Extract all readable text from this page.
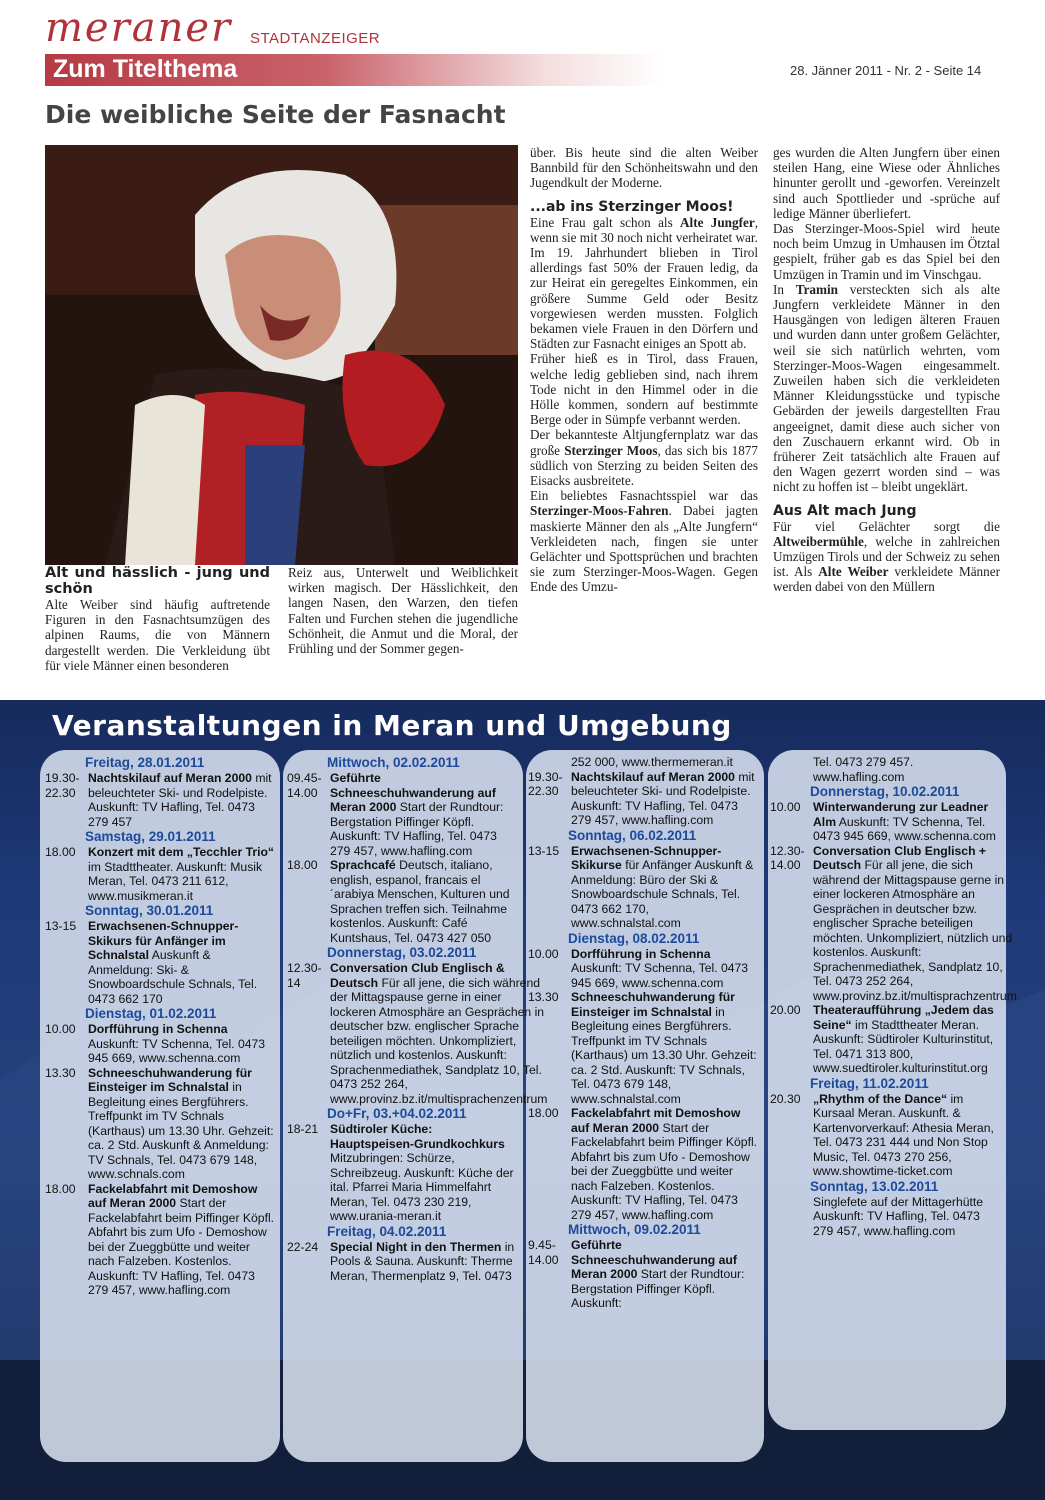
meraner STADTANZEIGER
Zum Titelthema	28. Jänner 2011 - Nr. 2 - Seite 14
Die weibliche Seite der Fasnacht
Alt und hässlich - jung und schön

Alte Weiber sind häufig auftretende Figuren in den Fasnachtsumzügen des alpinen Raums, die von Männern dargestellt werden. Die Verkleidung übt für viele Männer einen besonderen

Reiz aus, Unterwelt und Weiblichkeit wirken magisch. Der Hässlichkeit, den langen Nasen, den Warzen, den tiefen Falten und Furchen stehen die jugendliche Schönheit, die Anmut und die Moral, der Frühling und der Sommer gegen-

über. Bis heute sind die alten Weiber Bannbild für den Schönheitswahn und den Jugendkult der Moderne.

...ab ins Sterzinger Moos!

Eine Frau galt schon als Alte Jungfer, wenn sie mit 30 noch nicht verheiratet war.

Im 19. Jahrhundert blieben in Tirol allerdings fast 50% der Frauen ledig, da zur Heirat ein geregeltes Einkommen, ein größere Summe Geld oder Besitz vorgewiesen werden mussten. Folglich bekamen viele Frauen in den Dörfern und Städten zur Fasnacht einiges an Spott ab.

Früher hieß es in Tirol, dass Frauen, welche ledig geblieben sind, nach ihrem Tode nicht in den Himmel oder in die Hölle kommen, sondern auf bestimmte Berge oder in Sümpfe verbannt werden.

Der bekannteste Altjungfernplatz war das große Sterzinger Moos, das sich bis 1877 südlich von Sterzing zu beiden Seiten des Eisacks ausbreitete.

Ein beliebtes Fasnachtsspiel war das Sterzinger-Moos-Fahren. Dabei jagten maskierte Männer den als „Alte Jungfern“ Verkleideten nach, fingen sie unter Gelächter und Spottsprüchen und brachten sie zum Sterzinger-Moos-Wagen. Gegen Ende des Umzu-

ges wurden die Alten Jungfern über einen steilen Hang, eine Wiese oder Ähnliches hinunter gerollt und -geworfen. Vereinzelt sind auch Spottlieder und -sprüche auf ledige Männer überliefert.

Das Sterzinger-Moos-Spiel wird heute noch beim Umzug in Umhausen im Ötztal gespielt, früher gab es das Spiel bei den Umzügen in Tramin und im Vinschgau.

In Tramin versteckten sich als alte Jungfern verkleidete Männer in den Hausgängen von ledigen älteren Frauen und wurden dann unter großem Gelächter, weil sie sich natürlich wehrten, vom Sterzinger-Moos-Wagen eingesammelt. Zuweilen haben sich die verkleideten Männer Kleidungsstücke und typische Gebärden der jeweils dargestellten Frau angeeignet, damit diese auch sicher von den Zuschauern erkannt wird. Ob in früherer Zeit tatsächlich alte Frauen auf den Wagen gezerrt worden sind – was nicht zu hoffen ist – bleibt ungeklärt.

Aus Alt mach Jung

Für viel Gelächter sorgt die Altweibermühle, welche in zahlreichen Umzügen Tirols und der Schweiz zu sehen ist. Als Alte Weiber verkleidete Männer werden dabei von den Müllern

Veranstaltungen in Meran und Umgebung
Freitag, 28.01.2011
19.30-22.30
Nachtskilauf auf Meran 2000 mit beleuchteter Ski- und Rodelpiste. Auskunft: TV Hafling, Tel. 0473 279 457
Samstag, 29.01.2011
18.00	Konzert mit dem „Tecchler Trio“ im Stadttheater. Auskunft: Musik Meran, Tel. 0473 211 612, www.musikmeran.it
Sonntag, 30.01.2011
13-15 Erwachsenen-Schnupper-Skikurs für Anfänger im Schnalstal Auskunft & Anmeldung: Ski- & Snowboardschule Schnals, Tel. 0473 662 170
Dienstag, 01.02.2011
10.00	Dorfführung in Schenna Auskunft: TV Schenna, Tel. 0473 945 669, www.schenna.com
13.30	Schneeschuhwanderung für Einsteiger im Schnalstal in Begleitung eines Bergführers. Treffpunkt im TV Schnals (Karthaus) um 13.30 Uhr. Gehzeit: ca. 2 Std. Auskunft & Anmeldung: TV Schnals, Tel. 0473 679 148, www.schnals.com
18.00	Fackelabfahrt mit Demoshow auf Meran 2000 Start der Fackelabfahrt beim Piffinger Köpfl. Abfahrt bis zum Ufo - Demoshow bei der Zueggbütte und weiter nach Falzeben. Kostenlos. Auskunft: TV Hafling, Tel. 0473 279 457, www.hafling.com
Mittwoch, 02.02.2011
09.45-14.00
Geführte Schneeschuhwanderung auf Meran 2000 Start der Rundtour: Bergstation Piffinger Köpfl. Auskunft: TV Hafling, Tel. 0473 279 457, www.hafling.com
18.00	Sprachcafé Deutsch, italiano, english, espanol, francais el´arabiya Menschen, Kulturen und Sprachen treffen sich. Teilnahme kostenlos. Auskunft: Café Kuntshaus, Tel. 0473 427 050
Donnerstag, 03.02.2011
12.30-14
Conversation Club Englisch & Deutsch Für all jene, die sich während der Mittagspause gerne in einer lockeren Atmosphäre an Gesprächen in deutscher bzw. englischer Sprache beteiligen möchten. Unkompliziert, nützlich und kostenlos. Auskunft: Sprachenmediathek, Sandplatz 10, Tel. 0473 252 264, www.provinz.bz.it/multisprachenzentrum
Do+Fr, 03.+04.02.2011
18-21 Südtiroler Küche: Hauptspeisen-Grundkochkurs Mitzubringen: Schürze, Schreibzeug. Auskunft: Küche der ital. Pfarrei Maria Himmelfahrt Meran, Tel. 0473 230 219, www.urania-meran.it
Freitag, 04.02.2011
22-24 Special Night in den Thermen in Pools & Sauna. Auskunft: Therme Meran, Thermenplatz 9, Tel. 0473
252 000, www.thermemeran.it
19.30-22.30
Nachtskilauf auf Meran 2000 mit beleuchteter Ski- und Rodelpiste. Auskunft: TV Hafling, Tel. 0473 279 457, www.hafling.com
Sonntag, 06.02.2011
13-15 Erwachsenen-Schnupper-Skikurse für Anfänger Auskunft & Anmeldung: Büro der Ski & Snowboardschule Schnals, Tel. 0473 662 170, www.schnalstal.com
Dienstag, 08.02.2011
10.00	Dorfführung in Schenna Auskunft: TV Schenna, Tel. 0473 945 669, www.schenna.com
13.30	Schneeschuhwanderung für Einsteiger im Schnalstal in Begleitung eines Bergführers. Treffpunkt im TV Schnals (Karthaus) um 13.30 Uhr. Gehzeit: ca. 2 Std. Auskunft: TV Schnals, Tel. 0473 679 148, www.schnalstal.com
18.00	Fackelabfahrt mit Demoshow auf Meran 2000 Start der Fackelabfahrt beim Piffinger Köpfl. Abfahrt bis zum Ufo - Demoshow bei der Zueggbütte und weiter nach Falzeben. Kostenlos. Auskunft: TV Hafling, Tel. 0473 279 457, www.hafling.com
Mittwoch, 09.02.2011
9.45-14.00
Geführte Schneeschuhwanderung auf Meran 2000 Start der Rundtour: Bergstation Piffinger Köpfl. Auskunft:
Tel. 0473 279 457. www.hafling.com
Donnerstag, 10.02.2011
10.00	Winterwanderung zur Leadner Alm Auskunft: TV Schenna, Tel. 0473 945 669, www.schenna.com
12.30-14.00
Conversation Club Englisch + Deutsch Für all jene, die sich während der Mittagspause gerne in einer lockeren Atmosphäre an Gesprächen in deutscher bzw. englischer Sprache beteiligen möchten. Unkompliziert, nützlich und kostenlos. Auskunft: Sprachenmediathek, Sandplatz 10, Tel. 0473 252 264, www.provinz.bz.it/multisprachzentrum
20.00	Theateraufführung „Jedem das Seine“ im Stadttheater Meran. Auskunft: Südtiroler Kulturinstitut, Tel. 0471 313 800, www.suedtiroler.kulturinstitut.org
Freitag, 11.02.2011
20.30	„Rhythm of the Dance“ im Kursaal Meran. Auskunft. & Kartenvorverkauf: Athesia Meran, Tel. 0473 231 444 und Non Stop Music, Tel. 0473 270 256, www.showtime-ticket.com
Sonntag, 13.02.2011
Singlefete auf der Mittagerhütte Auskunft: TV Hafling, Tel. 0473 279 457, www.hafling.com
